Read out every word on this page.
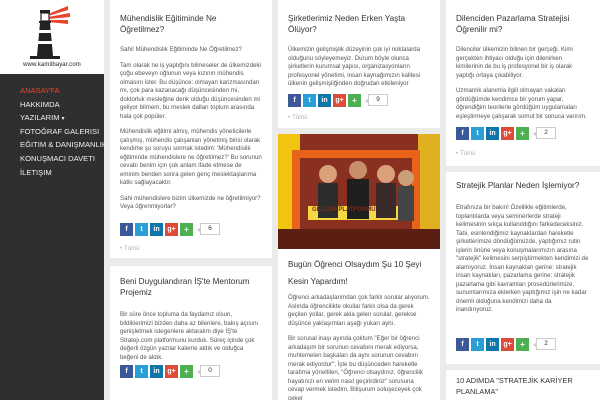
www.kamilbayar.com
ANASAYFA
HAKKIMDA
YAZILARIM ▾
FOTOĞRAF GALERISI
EĞITIM & DANIŞMANLIK
KONUŞMACI DAVETI
İLETIŞIM
Mühendislik Eğitiminde Ne Öğretilmez?

Sahi! Mühendislik Eğitiminde Ne Öğretilmez?

Tam olarak ne iş yaptığını bilmeseler de ülkemizdeki çoğu ebeveyn oğlunun veya kızının mühendis olmasını ister. Bu düşünce: olmayan karizmasından mı, çok para kazanacağı düşüncesinden mi, doktorluk mesleğine denk olduğu düşüncesinden mi geliyor bilmem, bu meslek dalları toplum arasında hala çok popüler.

Mühendislik eğitimi almış, mühendis yöneticilerle çalışmış, mühendis çalışanları yönetmiş birisi olarak kendime şu soruyu sormak istedim: 'Mühendislik eğitiminde mühendislere ne öğretilmez?' Bu sorunun cevabı benim için çok anlam ifade etmese de eminim benden sonra gelen genç meslektaşlarıma katkı sağlayacaktır.

Sahi mühendislere bizim ülkemizde ne öğretilmiyor? Veya öğrenmiyorlar?

f	t	in	g+	+	6
• Tümü
Beni Duygulandıran İŞ'te Mentorum Projemiz
Bir süre önce topluma da faydamız olsun, bildiklerimizi bizden daha az bilenlere, bakış açısını genişletmek istegenlere aktaralım diye İŞ'te Stratejı.com platformunu kurduk. Süreç içinde çok değerli özgün yazılar kaleme aldık ve olduğca beğeni de aldık.
f	t	in	g+	+	0
Şirketlerimiz Neden Erken Yaşta Ölüyor?
Ülkemizin gelişmişlik düzeyinin çok iyi noktalarda olduğunu söyleyemeyiz. Durum böyle olunca şirketlerin kurumsal yapısı, organizasyonların profesyonel yönetimi, insan kaynağımızın kalitesi ülkenin gelişmişliğinden doğrudan etkileniyor
f	t	in	g+	+	9
• Tümü
GELİŞİM PLATFORMU
Bugün Öğrenci Olsaydım Şu 10 Şeyi Kesin Yapardım!

Öğrenci arkadaşlarımdan çok farklı sorular alıyorum. Aslında öğrencilikte okullar farklı olsa da gerek geçilen yollar, gerek akla gelen sorular, gerekse düşünce yaklaşımları aşağı yukarı aynı.

Bir sorusal inaşı ayında çoktum "Eğer bir öğrenci arkadaşım bir sorunun cevabını merak ediyorsa, muhtemelen başkaları da aynı sorunun cevabını merak ediyordur"; İşte bu düşünceden hareketle tarafıma yöneltilen, "Öğrenci olsaydınız, öğrencilik hayatınızı en verim nasıl geçirirdiniz" sorusuna cevap vermek istedim. Bilişurum soluşeceyek çok çeker

Dilenciden Pazarlama Stratejisi Öğrenilir mi?

Dilenciler ülkemizin bilinen bir gerçeği. Kimi gerçekten ihtiyacı olduğu için dilenirken kimilerinin de bu iş profesyonel bir iş olarak yaptığı ortaya çıkabiliyor.

Uzmanlık alanımla ilgili olmayan vakaları gördüğümde kendimce bir yorum yapar, öğrendiğim teorilerle gördüğüm uygulamaları eşleştirmeye çalışarak somut bir sonuca varırım.

f	t	in	g+	+	2
• Tümü
Stratejik Planlar Neden İşlemiyor?
Etrafınıza bir bakın! Özellikle eğitimlerde, toplantılarda veya seminerlerde strateji kelimesinin sıkça kullanıldığını farkedeceksiniz. Tabi, esinlendiğimiz kaynaklardan hareketle şirketlerimize döndüğümüzde, yaptığımız rutin işlerin önüne veya konuşmalarımızın arasına "stratejik" kelimesini serpiştirmekten kendimizi de alamıyoruz. İnsan kaynakları gerine: stratejik insan kaynakları, pazarlama gerine: stratejik pazarlama gibi kavramları prosedürlerimize, sunumlarımıza eklerken yaptığımız işin ne kadar önemli olduğuna kendimizi daha da inandırıyoruz.
f	t	in	g+	+	2
10 ADIMDA "STRATEJİK KARİYER PLANLAMA"
